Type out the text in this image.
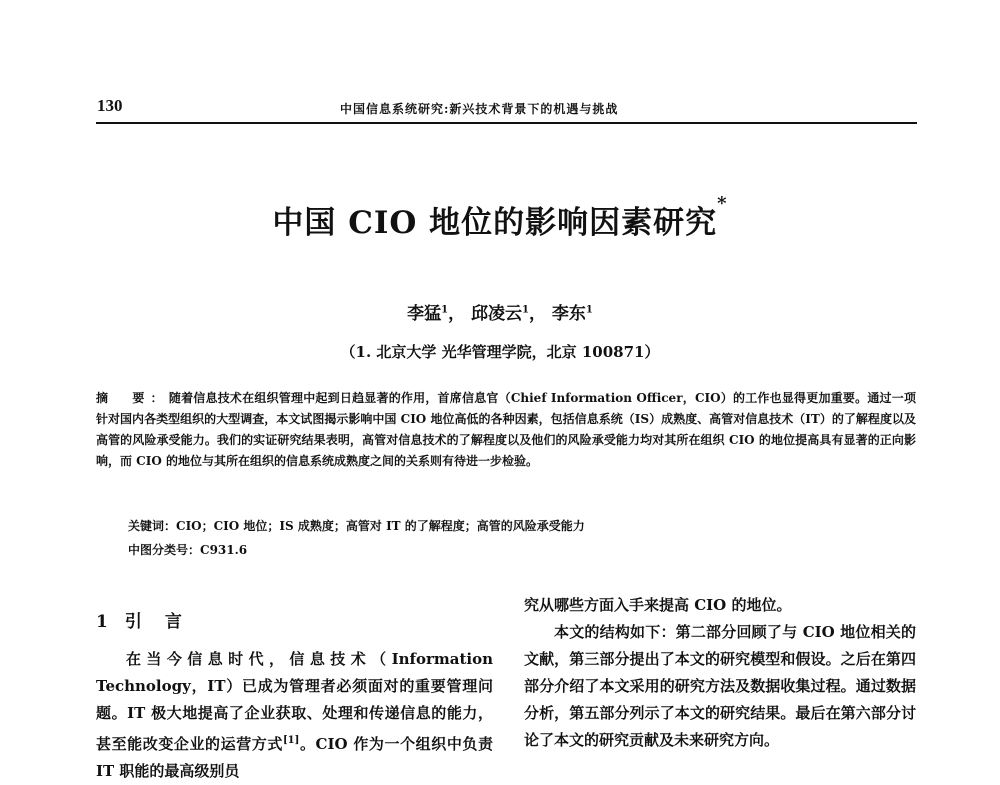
130	中国信息系统研究:新兴技术背景下的机遇与挑战
中国 CIO 地位的影响因素研究*
李猛$^1$， 邱凌云$^1$， 李东$^1$
（1. 北京大学 光华管理学院，北京 100871）
摘　要：随着信息技术在组织管理中起到日趋显著的作用，首席信息官（Chief Information Officer，CIO）的工作也显得更加重要。通过一项针对国内各类型组织的大型调查，本文试图揭示影响中国 CIO 地位高低的各种因素，包括信息系统（IS）成熟度、高管对信息技术（IT）的了解程度以及高管的风险承受能力。我们的实证研究结果表明，高管对信息技术的了解程度以及他们的风险承受能力均对其所在组织 CIO 的地位提高具有显著的正向影响，而 CIO 的地位与其所在组织的信息系统成熟度之间的关系则有待进一步检验。
关键词：CIO；CIO 地位；IS 成熟度；高管对 IT 的了解程度；高管的风险承受能力
中图分类号：C931.6
1 引　言

在当今信息时代，信息技术（Information Technology，IT）已成为管理者必须面对的重要管理问题。IT 极大地提高了企业获取、处理和传递信息的能力，甚至能改变企业的运营方式[1]。CIO 作为一个组织中负责 IT 职能的最高级别员

究从哪些方面入手来提高 CIO 的地位。

本文的结构如下：第二部分回顾了与 CIO 地位相关的文献，第三部分提出了本文的研究模型和假设。之后在第四部分介绍了本文采用的研究方法及数据收集过程。通过数据分析，第五部分列示了本文的研究结果。最后在第六部分讨论了本文的研究贡献及未来研究方向。
